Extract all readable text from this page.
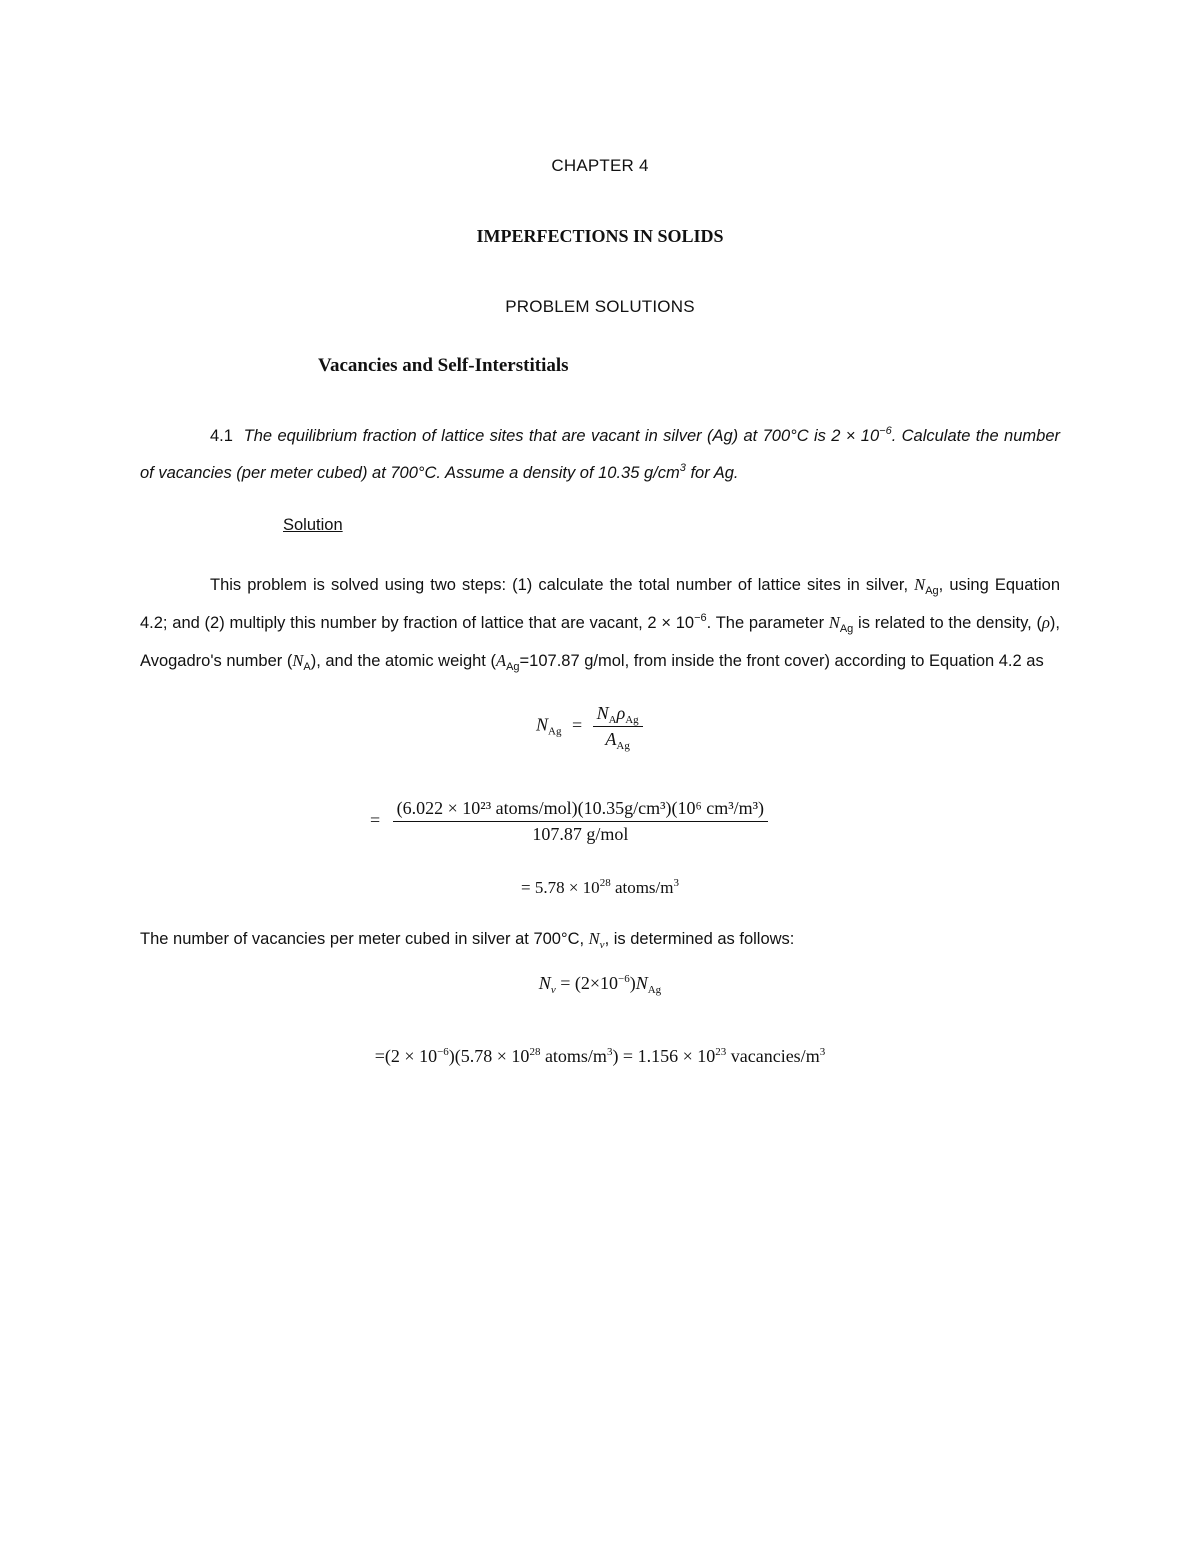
CHAPTER 4
IMPERFECTIONS IN SOLIDS
PROBLEM SOLUTIONS
Vacancies and Self-Interstitials
4.1 The equilibrium fraction of lattice sites that are vacant in silver (Ag) at 700°C is $2 \times 10^{-6}$. Calculate the number of vacancies (per meter cubed) at 700°C. Assume a density of 10.35 $g/cm^3$ for Ag.
Solution
This problem is solved using two steps: (1) calculate the total number of lattice sites in silver, $N_{Ag}$, using Equation 4.2; and (2) multiply this number by fraction of lattice that are vacant, $2 \times 10^{-6}$. The parameter $N_{Ag}$ is related to the density, (ρ), Avogadro's number $(N_A)$, and the atomic weight ($A_{Ag}=107.87$ g/mol, from inside the front cover) according to Equation 4.2 as
$N_{Ag} = \frac{N_A\rho_{Ag}}{A_{Ag}}$
= $\frac{\text{(6.022 × 10²³ atoms/mol)(10.35g/cm³)(10⁶ cm³/m³)}}{\text{107.87 g/mol}}$
= $5.78 \times 10^{28}$ atoms/$m^3$
The number of vacancies per meter cubed in silver at 700°C, $N_v$, is determined as follows:
$N_v = (2\times 10^{-6})N_{Ag}$
$=(2 \times 10^{-6})(5.78 \times 10^{28}$ atoms/$m^3) = 1.156 \times 10^{23}$ vacancies/$m^3$
